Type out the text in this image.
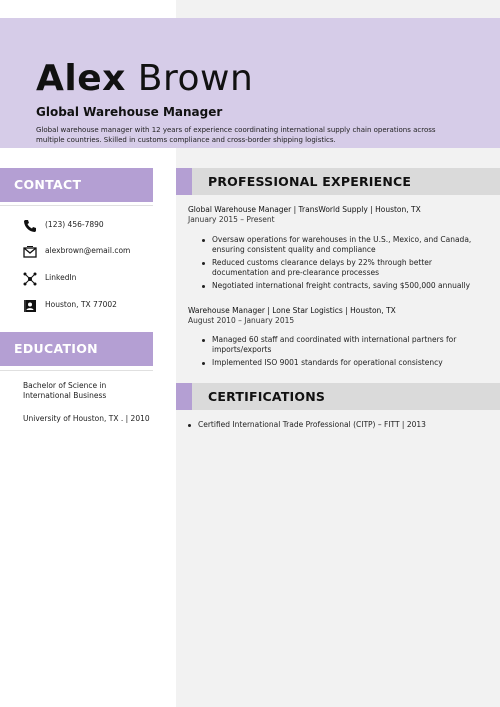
Alex Brown
Global Warehouse Manager
Global warehouse manager with 12 years of experience coordinating international supply chain operations across multiple countries. Skilled in customs compliance and cross-border shipping logistics.
CONTACT
(123) 456-7890
alexbrown@email.com
LinkedIn
Houston, TX 77002
EDUCATION
Bachelor of Science in International Business
University of Houston, TX . | 2010
PROFESSIONAL EXPERIENCE
Global Warehouse Manager | TransWorld Supply | Houston, TX
January 2015 – Present
Oversaw operations for warehouses in the U.S., Mexico, and Canada, ensuring consistent quality and compliance
Reduced customs clearance delays by 22% through better documentation and pre-clearance processes
Negotiated international freight contracts, saving $500,000 annually
Warehouse Manager | Lone Star Logistics | Houston, TX
August 2010 – January 2015
Managed 60 staff and coordinated with international partners for imports/exports
Implemented ISO 9001 standards for operational consistency
CERTIFICATIONS
Certified International Trade Professional (CITP) – FITT | 2013
